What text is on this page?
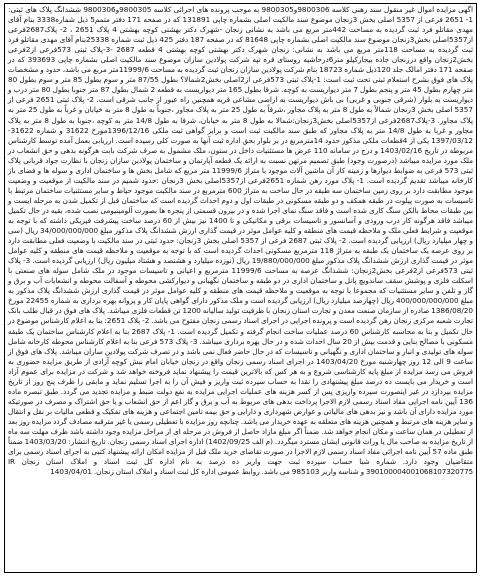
اگهی مزایده اموال غیر منقول سند رهنی کلاسه 9800306و9800305 به موجب پرونده های اجرائی کلاسه 9800305و9800306 ششدانگ پلاک های ثبتی: 1- 2651 فرعی از 5357 اصلی بخش 3زنجان موضوع سند مالکیت اصلی بشماره چاپی 131891 که در صفحه 171 دفتر متمم5 ذیل شماره3338 بنام آقای مهدی مقاتلو فرد ثبت گردیده به مساحت 442متر مربع می باشد به نشانی زنجان -شهرک دکتر بهشتی کوچه بهشتی 4 پلاک 2651 ، 2- پلاک2687فرعی از5357اصلی بخش3زنجان موضوع سند مالکیت اصلی بشماره چاپی 81648 که در صفحه 187 دفتر 425 ذیل ثبت شماره 25338بنام آقای مهدی مقاتلو فرد ثبت گردیده به مساحت 118متر مربع می باشد به نشانی: زنجان شهرک دکتر بهشتی کوچه بهشتی 4 قطعه 2687 -3-پلاک ثبتی 573فرعی از2فرعی بخش2زنجان واقع درزنجان جاده بیجارکیلو متر6درحاشیه روستای قره تپه شرکت پولادین سازان موضوع سند مالکیت اصلی بشماره چاپی 393693 که در صفحه 171 دفتر امالک جلد 120ذیل شماره 18723 بنام شرکت پولادین سازان زنجان ثبت گردیده به مساحت 11999/6متر مربع می باشد، حدود و مشخصات پلاک های فوق بشرح استعلام ثبتی تحت ثبت است: 1-پلاک ثبتی 573فرعی از2اصلی بخش2شمالا؟ بطول 87/55 متر و سوم بطول 85 متر و سوم بطول 80 متر چهارم بطول 45 متر و پنجم بطول 7 متر دیواریست به کوچه. شرقا بطول 165 متر دیواریست به قطعه 2 شمال بطول 87 متر جنوبا بطول 80 متر درب و دیواریست به بلوار (شرقی جنوبی و غربی) بی باش دیواریست به اراضی مشاعی قریه همچنین راه عبور از جانب شرقی است. 2- پلاک ثبتی 2651 فرعی از 5357 اصلی بخش 3زنجان شمالاً به طول 8 متر به پلاک مجاور ،شرقاً به طول 25 متر به پلاک مجاور ،جنوباً به طول 8 متر به خیابان و غرباً به طول 25 متر به پلاک مجاور. 3-پلاک2687فرعی از5357اصلی بخش3زنجان:شمالا به طول 8 متر به خیابان، شرقا به طول 14/8 متر به کوچه ،جنوبا به طول 8 متر به پلاک مجاور و غربا به طول 14/8 متر به پلاک مجاور که طبق سند مالکیت ثبت است و برابر گواهی ثبت ملکی 1396/12/16مورخ 31622 و شماره 31622-1397/03/12 یکی از 4قطعات ملکی مذکور حدود 14مترمربع در بر بلوار بحق اداره ثبت آنها به صورت کلی رسیده است. ارزیابی بعمل آمده توسط کارشناس مربوطه در تاریخ 1403/02/16 و درج در سامانه 110 عرض ها مستثنیات داخل در ستون، ملک مشمول به صرف شرکت بابت هرگونه بدهی و حق انشعاب در ملک مورد مزایده میباشد (درصورت وجود) طبق تصمیم مرتهن نسبت به ارائه یک قطعه آپارتمان و ساختمان پولادین سازان زنجان با نظارت جواد قربانی پلاک ثبتی 573 فرعی به ضوابط دیوارها و زمینه کار آن ماشین آلات موجود با متراژ 11999/6 متر مربع که شامل بخش ها و ساختمان اداری و سوله ها و فضای باز کارخانه میباشد تقدیم گردیده است. 1- پلاک مورد رهن شماره 2651فرعی از5357اصلی بخش 3زنجان :حدود شمیم در سند مالکیت از موقعیت و وضعیت موجود مطابقت دارد بر روی زمین ساختمان سه طبقه در حال ساخت به متراژ 600 مترمربع در سند مالکیت موجود حیاط و سایر مستثنیات ساختمان مرتبط با تاسیسات به صورت پیلوت در طبقه همکف و دو طبقه مسکونی در طبقات اول و دوم احداث گردیده است که ساختمان قبل از تکمیل شدن به مرحله ایست و بین طبقات محاط بالکن سنگ کاری شده است و فاقد سنگ نمای اجرا شده و در بیرون قسمتی از پنجره ها بصورت آلومینیومی نصب شده، بقیه در حال تکمیل میباشد فاقد هرگونه کار درب ورودی و آسانسور و تاسیسات برقی و مکانیکی و تا 1400 نیز بیش از 60 درصد ساخت پیشرفت فیزیکی داشته که با توجه به موقعیت و شرایط فعلی ملک و ملاحظه قیمت های منطقه و کلیه عوامل موثر در قیمت گذاری ارزش ششدانگ پلاک مذکور مبلغ 34/000/000/000 ریال (سی و چهار میلیارد ریال) ارزیابی گردیده است. 2- پلاک ثبتی 2687 فرعی از 5357 اصلی بخش 3زنجان: حدود ثبتی در سند مالکیت با وضعیت فعلی مطابقت دارد بر روی عرصه یک ساختمان یک طبقه به متراژ 118 مترمربع مسکونی احداث گردیده است که با توجه به موقعیت و ملاحظه قیمت های منطقه و کلیه عوامل موثر در قیمت گذاری ارزش ششدانگ پلاک مذکور مبلغ 19/880/000/000 ریال (نوزده میلیارد و هشتصد و هشتاد میلیون ریال) ارزیابی گردیده است. 3- پلاک ثبتی 573فرعی از2فرعی بخش2زنجان: ششدانگ عرصه به مساحت 11999/6 مترمربع و اعیانی و تاسیسات موجود در ملک شامل سوله های صنعتی با اسکلت فلزی و پوشش سقف ساندویچ پانل و ساختمان اداری در دو طبقه و ساختمان نگهبانی و دیوارکشی محوطه و آسفالت محوطه و انشعابات آب و برق و گاز و تلفن و سایر مستثنیات که مجموعا با توجه به موقعیت و ملاحظه قیمت های منطقه و کلیه عوامل موثر در قیمت گذاری ارزش ششدانگ پلاک مذکور به مبلغ 400/000/000/000 ریال (چهارصد میلیارد ریال) ارزیابی گردیده است و ملک مذکور دارای گواهی پایان کار و پروانه بهره برداری به شماره 22455 مورخ 1386/08/20 صادره از سازمان صنعت معدن و تجارت استان زنجان با ظرفیت تولید سالیانه 1200 تن قطعات فلزی میباشد. پلاک های فوق در قبال طلب بانک تجارت شعبه مرکزی زنجان رهن گردیده است و پرونده اجرایی در اجرای اسناد رسمی زنجان مفتوح می باشد. 2- پلاک 2651: بنا به اعلام کارشناس موضوع در حال تکمیل و بنا به محاسبه کارشناس 60 درصد عملیات ساخت انجام گرفته و تکمیل گردیده است. 1- پلاک 2687 بنا به اعلام کارشناس ساختمان یک طبقه مسکونی با مصالح بنایی و قدمت بیش از 20 سال احداث شده و در حال بهره برداری میباشد. 3- پلاک 573 فرعی بنا به اعلام کارشناس محوطه کارخانه شامل سوله های تولیدی و انبار و ساختمان اداری و نگهبانی و تاسیسات که در حال حاضر فعال نمی باشد و در تصرف شرکت پولادین سازان میباشد. پلاک های فوق از ساعت 9 الی 12 روز چهارشنبه مورخ 1403/04/20 در اجرای اسناد رسمی زنجان واقع در زنجان خیابان امام نبش کوچه آزادی از طریق مزایده حضوری به فروش می رسد مزایده از مبلغ پایه کارشناسی شروع و به هر کس که بالاترین قیمت را پیشنهاد نماید فروخته خواهد شد و شرکت در مزایده برای عموم آزاد است و خریدار می بایست ده درصد مبلغ پیشنهادی را نقدا به حساب سپرده ثبت واریز و فیش آن را به اجرا تسلیم نماید و مابقی را ظرف پنج روز از تاریخ مزایده بپردازد در غیر اینصورت سپرده واریزی پس از کسر هزینه های عملیات اجرایی مزایده به نفع دولت ضبط و مزایده تجدید می گردد. طبق تبصره ماده 136 آیین نامه اجرایی مفاد اسناد رسمی لازم الاجرا پرداخت بدهی های مربوط به آب و برق و گاز اعم از حق انشعاب و یا حق اشتراک و مصرف در صورتیکه مورد مزایده دارای آن باشد و نیز بدهی های مالیاتی و عوارض شهرداری و دارایی و حق بیمه تامین اجتماعی و هزینه های تفکیک و قطعی مالیات بر نقل و انتقال و سایر هزینه های مرتبط و همچنین هزینه های متعلقه به عهده خریدار می باشد. چنانچه روز مزایده با تعطیلی رسمی یا غیر مترقبه مصادف گردد مزایده روز بعد از تعطیلی در همان ساعت و مکان انجام خواهد شد. ضمناً اگر مبلغ مازاد حاصل از فروش در مرحله ای از مراحل مزایده وجود داشته باشد ظرف مهلت سه ماه از تاریخ مزایده به صاحب مال یا وراث قانونی ایشان مسترد میگردد. (م الف 1402/09/25) اداره اجرای اسناد رسمی زنجان. تاریخ انتشار: 1403/03/20 ضمناً طبق ماده 57 آیین نامه اجرائی مفاد اسناد رسمی لازم الاجرا در صورت تقاضای خرید ملک قبل از مزایده امکان ارائه پیشنهاد کتبی به اجرای اسناد رسمی برای متقاضیان وجود دارد. شماره شبا حساب سپرده ثبت جهت واریز ده درصد به نام اداره کل ثبت اسناد و املاک استان زنجان IR 390100004001068107320775 و شناسه واریز 985103 می باشد. روابط عمومی اداره کل ثبت اسناد و املاک استان زنجان. 1403/04/01
